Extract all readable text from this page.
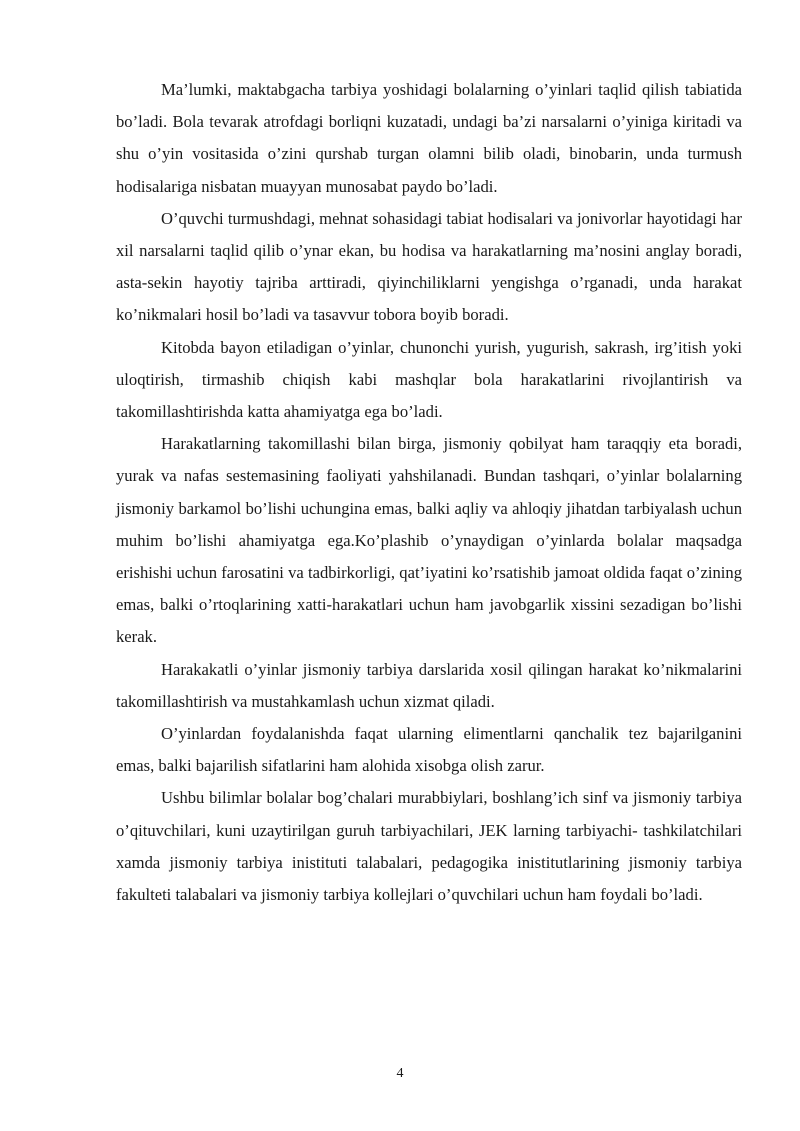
Ma’lumki, maktabgacha tarbiya yoshidagi bolalarning o’yinlari taqlid qilish tabiatida bo’ladi. Bola tevarak atrofdagi borliqni kuzatadi, undagi ba’zi narsalarni o’yiniga kiritadi va shu o’yin vositasida o’zini qurshab turgan olamni bilib oladi, binobarin, unda turmush hodisalariga nisbatan muayyan munosabat paydo bo’ladi.

O’quvchi turmushdagi, mehnat sohasidagi tabiat hodisalari va jonivorlar hayotidagi har xil narsalarni taqlid qilib o’ynar ekan, bu hodisa va harakatlarning ma’nosini anglay boradi, asta-sekin hayotiy tajriba arttiradi, qiyinchiliklarni yengishga o’rganadi, unda harakat ko’nikmalari hosil bo’ladi va tasavvur tobora boyib boradi.

Kitobda bayon etiladigan o’yinlar, chunonchi yurish, yugurish, sakrash, irg’itish yoki uloqtirish, tirmashib chiqish kabi mashqlar bola harakatlarini rivojlantirish va takomillashtirishda katta ahamiyatga ega bo’ladi.

Harakatlarning takomillashi bilan birga, jismoniy qobilyat ham taraqqiy eta boradi, yurak va nafas sestemasining faoliyati yahshilanadi. Bundan tashqari, o’yinlar bolalarning jismoniy barkamol bo’lishi uchungina emas, balki aqliy va ahloqiy jihatdan tarbiyalash uchun muhim bo’lishi ahamiyatga ega.Ko’plashib o’ynaydigan o’yinlarda bolalar maqsadga erishishi uchun farosatini va tadbirkorligi, qat’iyatini ko’rsatishib jamoat oldida faqat o’zining emas, balki o’rtoqlarining xatti-harakatlari uchun ham javobgarlik xissini sezadigan bo’lishi kerak.

Harakakatli o’yinlar jismoniy tarbiya darslarida xosil qilingan harakat ko’nikmalarini takomillashtirish va mustahkamlash uchun xizmat qiladi.

O’yinlardan foydalanishda faqat ularning elimentlarni qanchalik tez bajarilganini emas, balki bajarilish sifatlarini ham alohida xisobga olish zarur.

Ushbu bilimlar bolalar bog’chalari murabbiylari, boshlang’ich sinf va jismoniy tarbiya o’qituvchilari, kuni uzaytirilgan guruh tarbiyachilari, JEK larning tarbiyachi- tashkilatchilari xamda jismoniy tarbiya inistituti talabalari, pedagogika inistitutlarining jismoniy tarbiya fakulteti talabalari va jismoniy tarbiya kollejlari o’quvchilari uchun ham foydali bo’ladi.

4
